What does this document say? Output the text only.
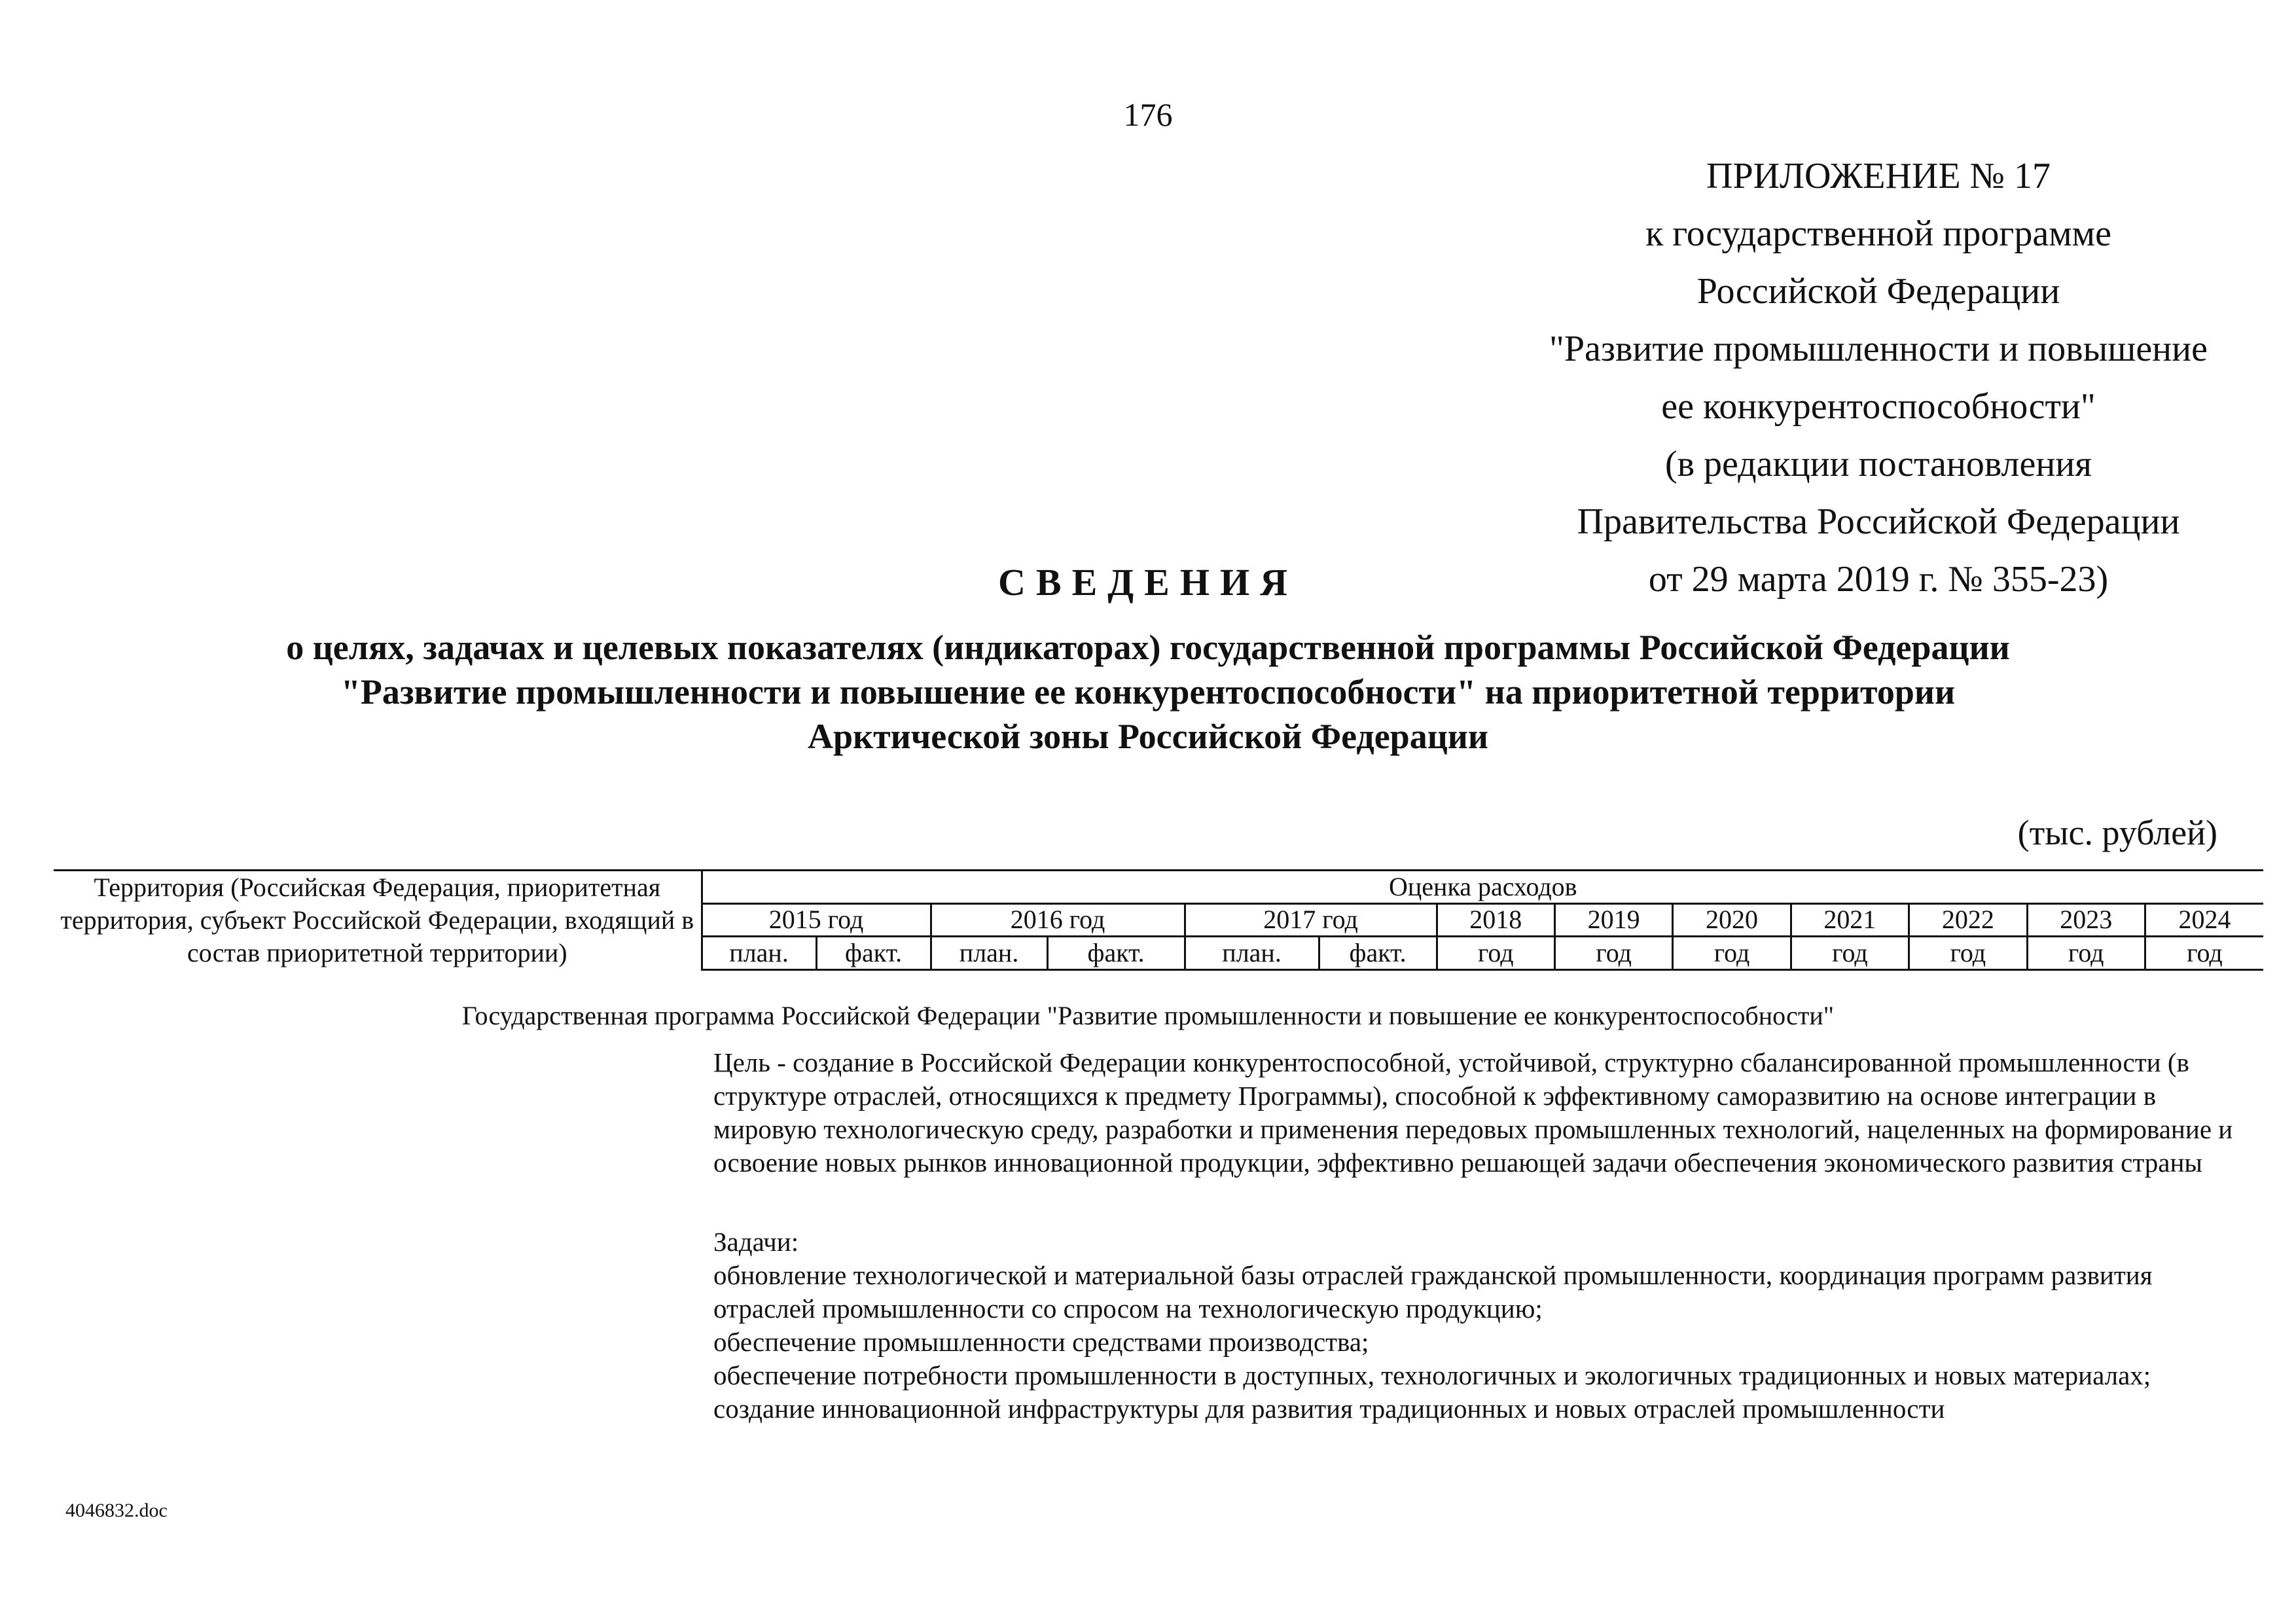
176
ПРИЛОЖЕНИЕ № 17
к государственной программе
Российской Федерации
"Развитие промышленности и повышение
ее конкурентоспособности"
(в редакции постановления
Правительства Российской Федерации
от 29 марта 2019 г. № 355-23)
СВЕДЕНИЯ
о целях, задачах и целевых показателях (индикаторах) государственной программы Российской Федерации
"Развитие промышленности и повышение ее конкурентоспособности" на приоритетной территории
Арктической зоны Российской Федерации
(тыс. рублей)
Территория (Российская Федерация, приоритетная территория, субъект Российской Федерации, входящий в состав приоритетной территории)	Оценка расходов												
	2015 год		2016 год		2017 год		2018	2019	2020	2021	2022	2023	2024
	план.	факт.	план.	факт.	план.	факт.	год	год	год	год	год	год	год
Государственная программа Российской Федерации "Развитие промышленности и повышение ее конкурентоспособности"
Цель - создание в Российской Федерации конкурентоспособной, устойчивой, структурно сбалансированной промышленности (в структуре отраслей, относящихся к предмету Программы), способной к эффективному саморазвитию на основе интеграции в мировую технологическую среду, разработки и применения передовых промышленных технологий, нацеленных на формирование и освоение новых рынков инновационной продукции, эффективно решающей задачи обеспечения экономического развития страны
Задачи:
обновление технологической и материальной базы отраслей гражданской промышленности, координация программ развития
отраслей промышленности со спросом на технологическую продукцию;
обеспечение промышленности средствами производства;
обеспечение потребности промышленности в доступных, технологичных и экологичных традиционных и новых материалах;
создание инновационной инфраструктуры для развития традиционных и новых отраслей промышленности
4046832.doc
